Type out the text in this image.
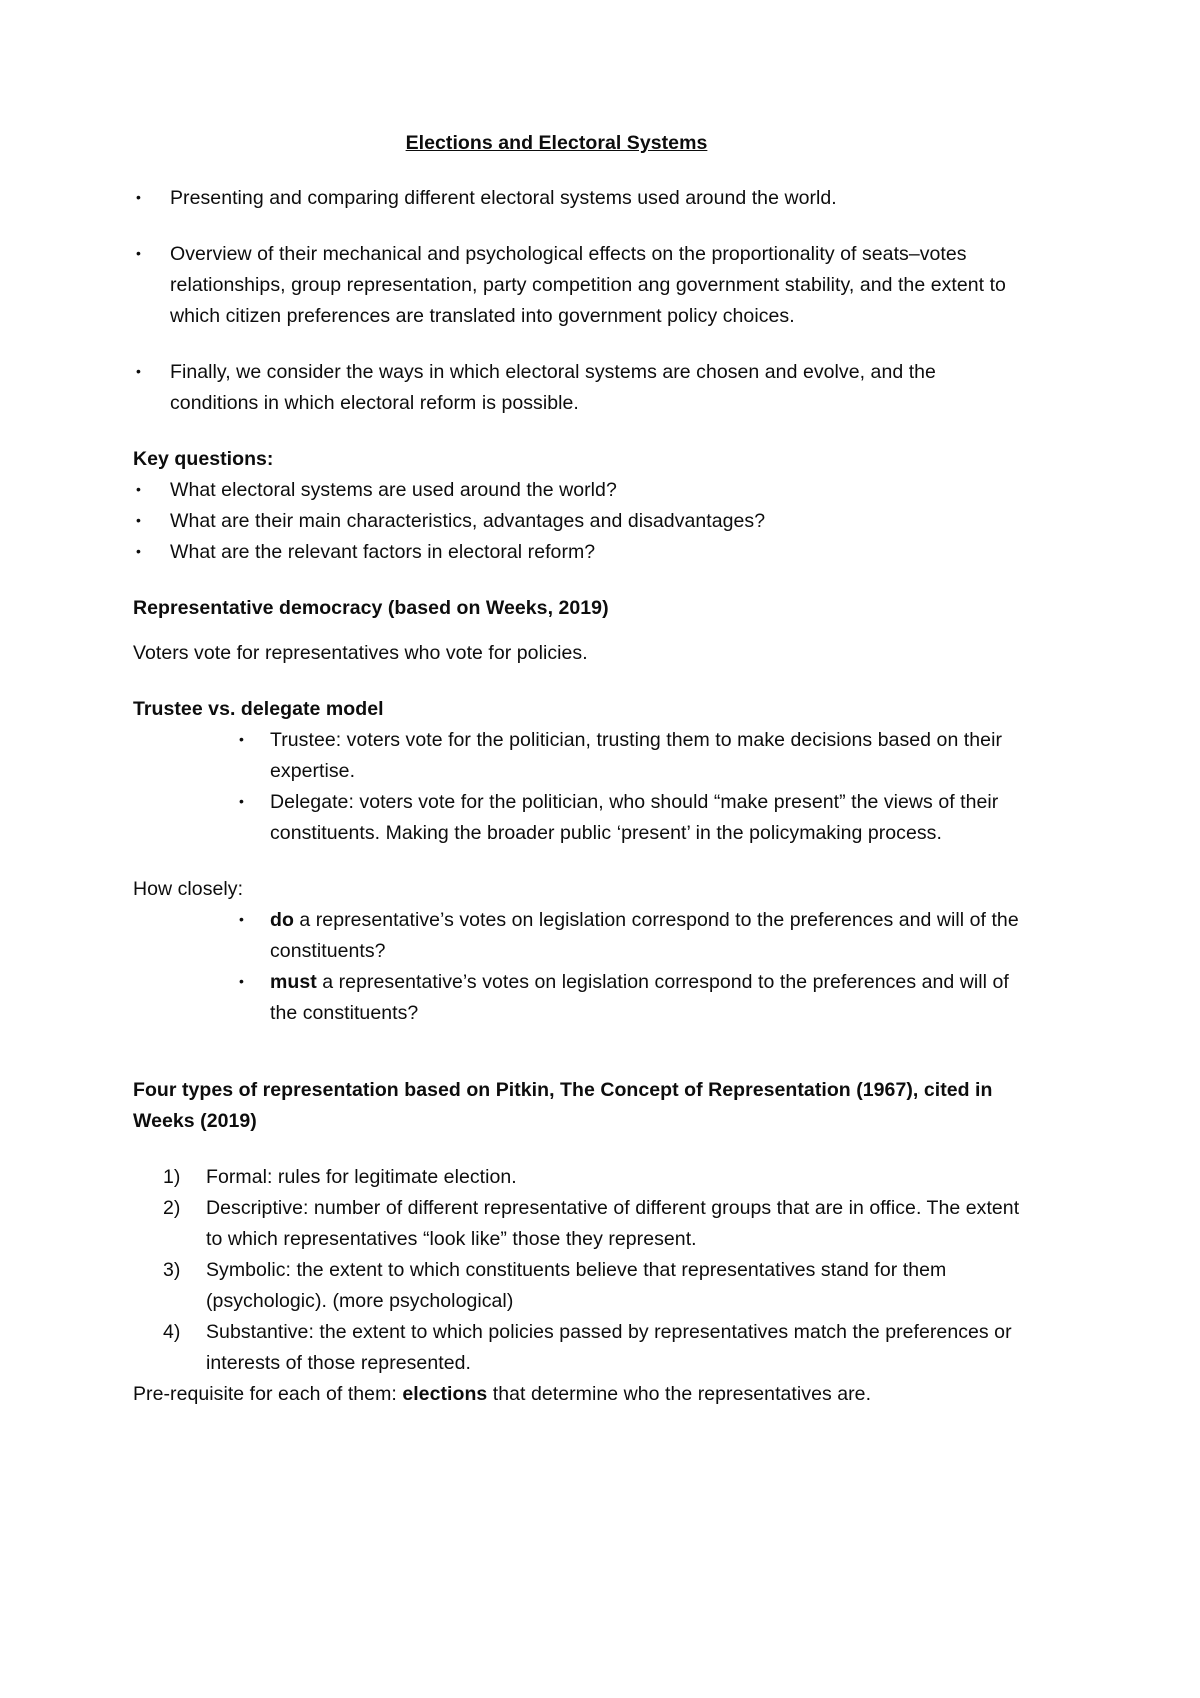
Elections and Electoral Systems
• Presenting and comparing different electoral systems used around the world.
• Overview of their mechanical and psychological effects on the proportionality of seats–votes relationships, group representation, party competition ang government stability, and the extent to which citizen preferences are translated into government policy choices.
• Finally, we consider the ways in which electoral systems are chosen and evolve, and the conditions in which electoral reform is possible.
Key questions:
• What electoral systems are used around the world?
• What are their main characteristics, advantages and disadvantages?
• What are the relevant factors in electoral reform?
Representative democracy (based on Weeks, 2019)
Voters vote for representatives who vote for policies.
Trustee vs. delegate model
• Trustee: voters vote for the politician, trusting them to make decisions based on their expertise.
• Delegate: voters vote for the politician, who should “make present” the views of their constituents. Making the broader public ‘present’ in the policymaking process.
How closely:
• do a representative’s votes on legislation correspond to the preferences and will of the constituents?
• must a representative’s votes on legislation correspond to the preferences and will of the constituents?
Four types of representation based on Pitkin, The Concept of Representation (1967), cited in Weeks (2019)
1)	Formal: rules for legitimate election.
2)	Descriptive: number of different representative of different groups that are in office. The extent to which representatives “look like” those they represent.
3)	Symbolic: the extent to which constituents believe that representatives stand for them (psychologic). (more psychological)
4)	Substantive: the extent to which policies passed by representatives match the preferences or interests of those represented.
Pre-requisite for each of them: elections that determine who the representatives are.
